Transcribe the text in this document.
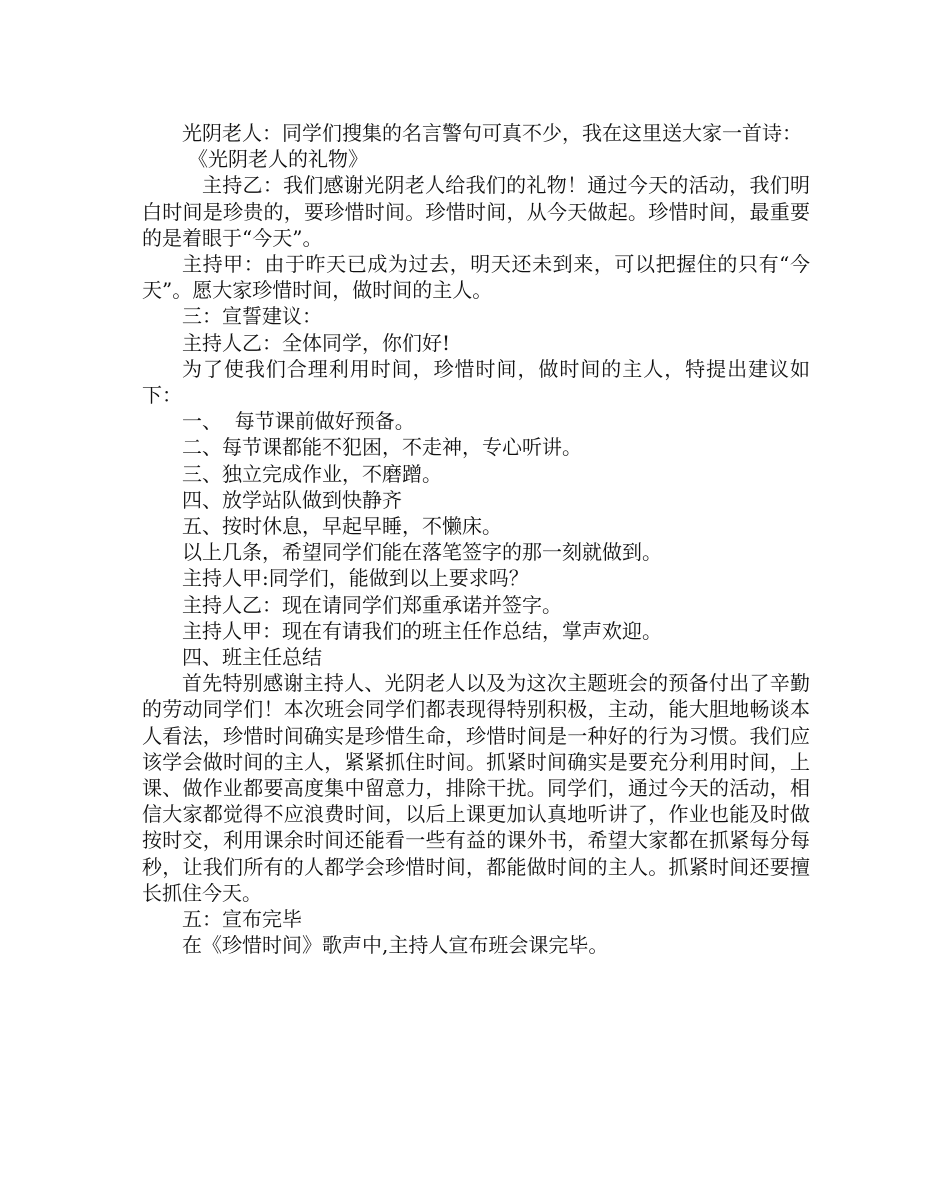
光阴老人：同学们搜集的名言警句可真不少，我在这里送大家一首诗：

《光阴老人的礼物》

主持乙：我们感谢光阴老人给我们的礼物！通过今天的活动，我们明白时间是珍贵的，要珍惜时间。珍惜时间，从今天做起。珍惜时间，最重要的是着眼于“今天”。

主持甲：由于昨天已成为过去，明天还未到来，可以把握住的只有“今天”。愿大家珍惜时间，做时间的主人。

三：宣誓建议：

主持人乙：全体同学，你们好!

为了使我们合理利用时间，珍惜时间，做时间的主人，特提出建议如下：

一、  每节课前做好预备。

二、每节课都能不犯困，不走神，专心听讲。

三、独立完成作业，不磨蹭。

四、放学站队做到快静齐

五、按时休息，早起早睡，不懒床。

以上几条，希望同学们能在落笔签字的那一刻就做到。

主持人甲:同学们，能做到以上要求吗？

主持人乙：现在请同学们郑重承诺并签字。

主持人甲：现在有请我们的班主任作总结，掌声欢迎。

四、班主任总结

首先特别感谢主持人、光阴老人以及为这次主题班会的预备付出了辛勤的劳动同学们！本次班会同学们都表现得特别积极，主动，能大胆地畅谈本人看法，珍惜时间确实是珍惜生命，珍惜时间是一种好的行为习惯。我们应该学会做时间的主人，紧紧抓住时间。抓紧时间确实是要充分利用时间，上课、做作业都要高度集中留意力，排除干扰。同学们，通过今天的活动，相信大家都觉得不应浪费时间，以后上课更加认真地听讲了，作业也能及时做按时交，利用课余时间还能看一些有益的课外书，希望大家都在抓紧每分每秒，让我们所有的人都学会珍惜时间，都能做时间的主人。抓紧时间还要擅长抓住今天。

五：宣布完毕

在《珍惜时间》歌声中,主持人宣布班会课完毕。
